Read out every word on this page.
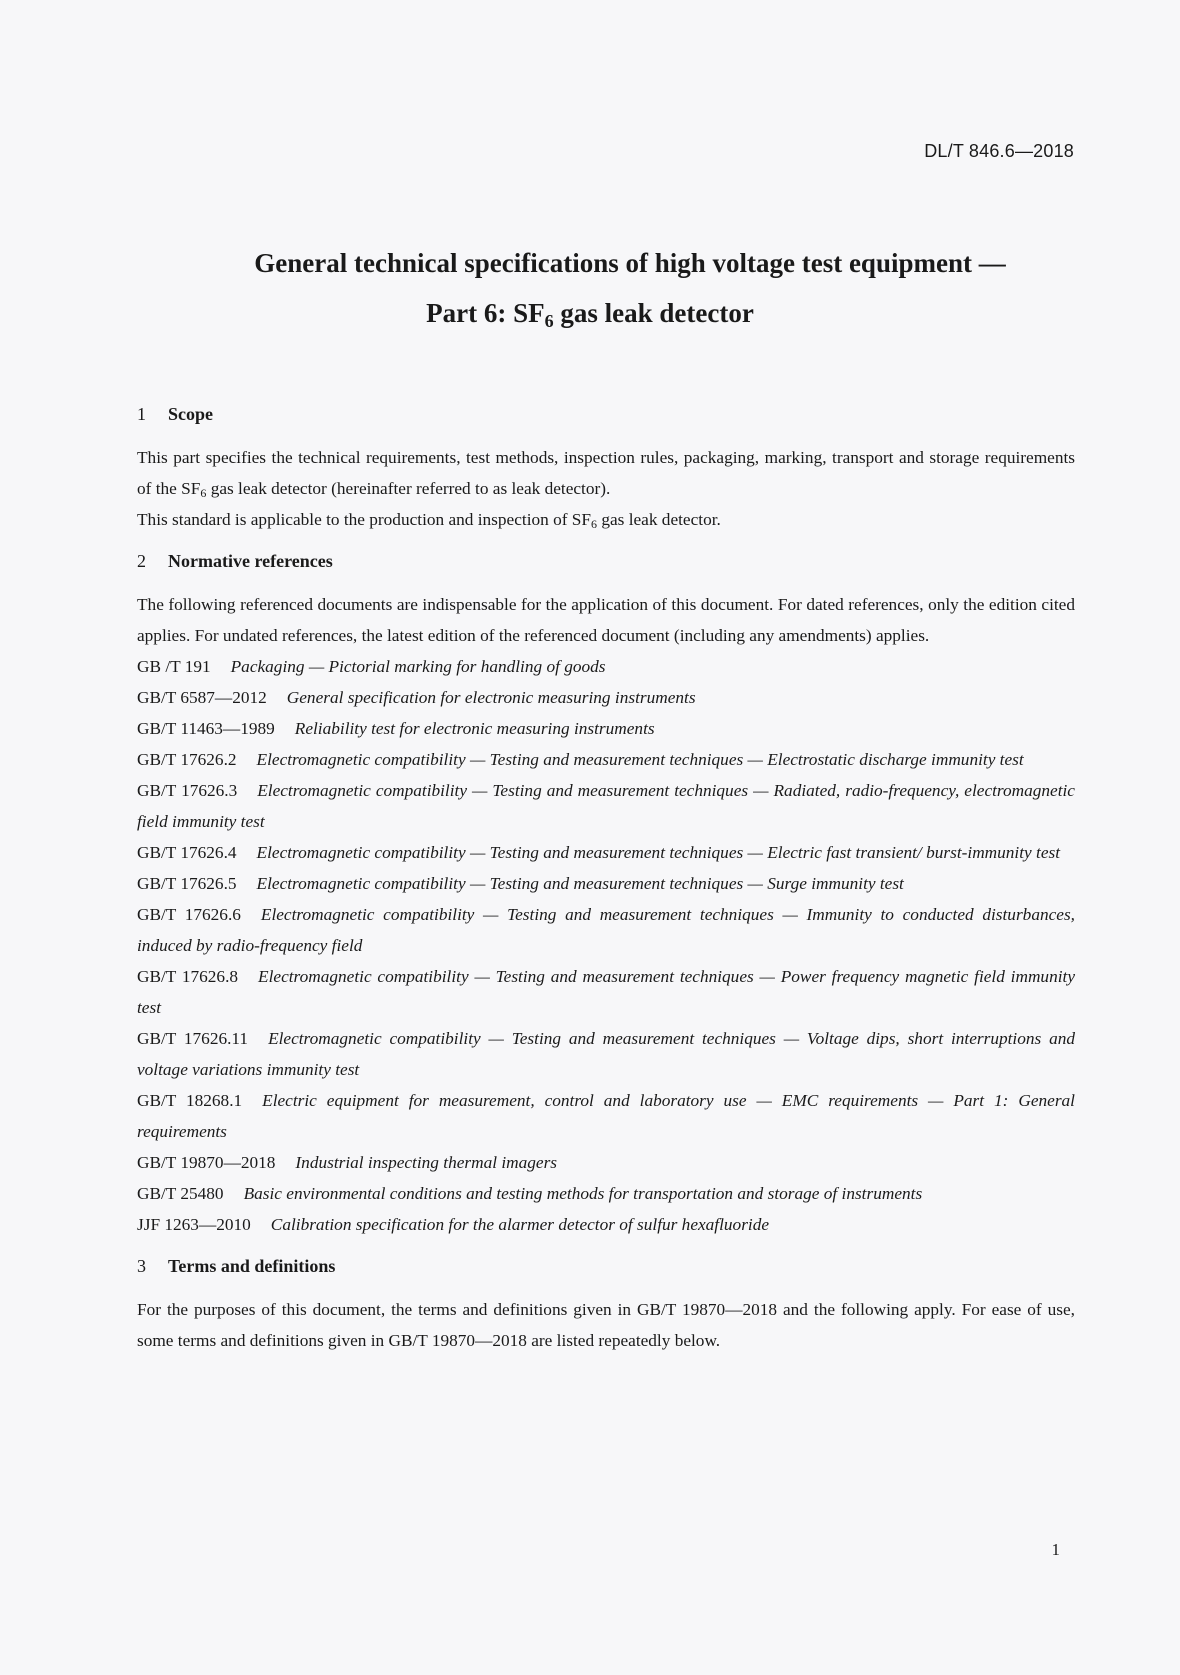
DL/T 846.6—2018
General technical specifications of high voltage test equipment —
Part 6: $SF_6$ gas leak detector

1 Scope

This part specifies the technical requirements, test methods, inspection rules, packaging, marking, transport and storage requirements of the $SF_6$ gas leak detector (hereinafter referred to as leak detector).

This standard is applicable to the production and inspection of $SF_6$ gas leak detector.

2 Normative references

The following referenced documents are indispensable for the application of this document. For dated references, only the edition cited applies. For undated references, the latest edition of the referenced document (including any amendments) applies.

GB /T 191 Packaging — Pictorial marking for handling of goods

GB/T 6587—2012 General specification for electronic measuring instruments

GB/T 11463—1989 Reliability test for electronic measuring instruments

GB/T 17626.2 Electromagnetic compatibility — Testing and measurement techniques — Electrostatic discharge immunity test

GB/T 17626.3 Electromagnetic compatibility — Testing and measurement techniques — Radiated, radio-frequency, electromagnetic field immunity test

GB/T 17626.4 Electromagnetic compatibility — Testing and measurement techniques — Electric fast transient/ burst-immunity test

GB/T 17626.5 Electromagnetic compatibility — Testing and measurement techniques — Surge immunity test

GB/T 17626.6 Electromagnetic compatibility — Testing and measurement techniques — Immunity to conducted disturbances, induced by radio-frequency field

GB/T 17626.8 Electromagnetic compatibility — Testing and measurement techniques — Power frequency magnetic field immunity test

GB/T 17626.11 Electromagnetic compatibility — Testing and measurement techniques — Voltage dips, short interruptions and voltage variations immunity test

GB/T 18268.1 Electric equipment for measurement, control and laboratory use — EMC requirements — Part 1: General requirements

GB/T 19870—2018 Industrial inspecting thermal imagers

GB/T 25480 Basic environmental conditions and testing methods for transportation and storage of instruments

JJF 1263—2010 Calibration specification for the alarmer detector of sulfur hexafluoride

3 Terms and definitions

For the purposes of this document, the terms and definitions given in GB/T 19870—2018 and the following apply. For ease of use, some terms and definitions given in GB/T 19870—2018 are listed repeatedly below.

1
